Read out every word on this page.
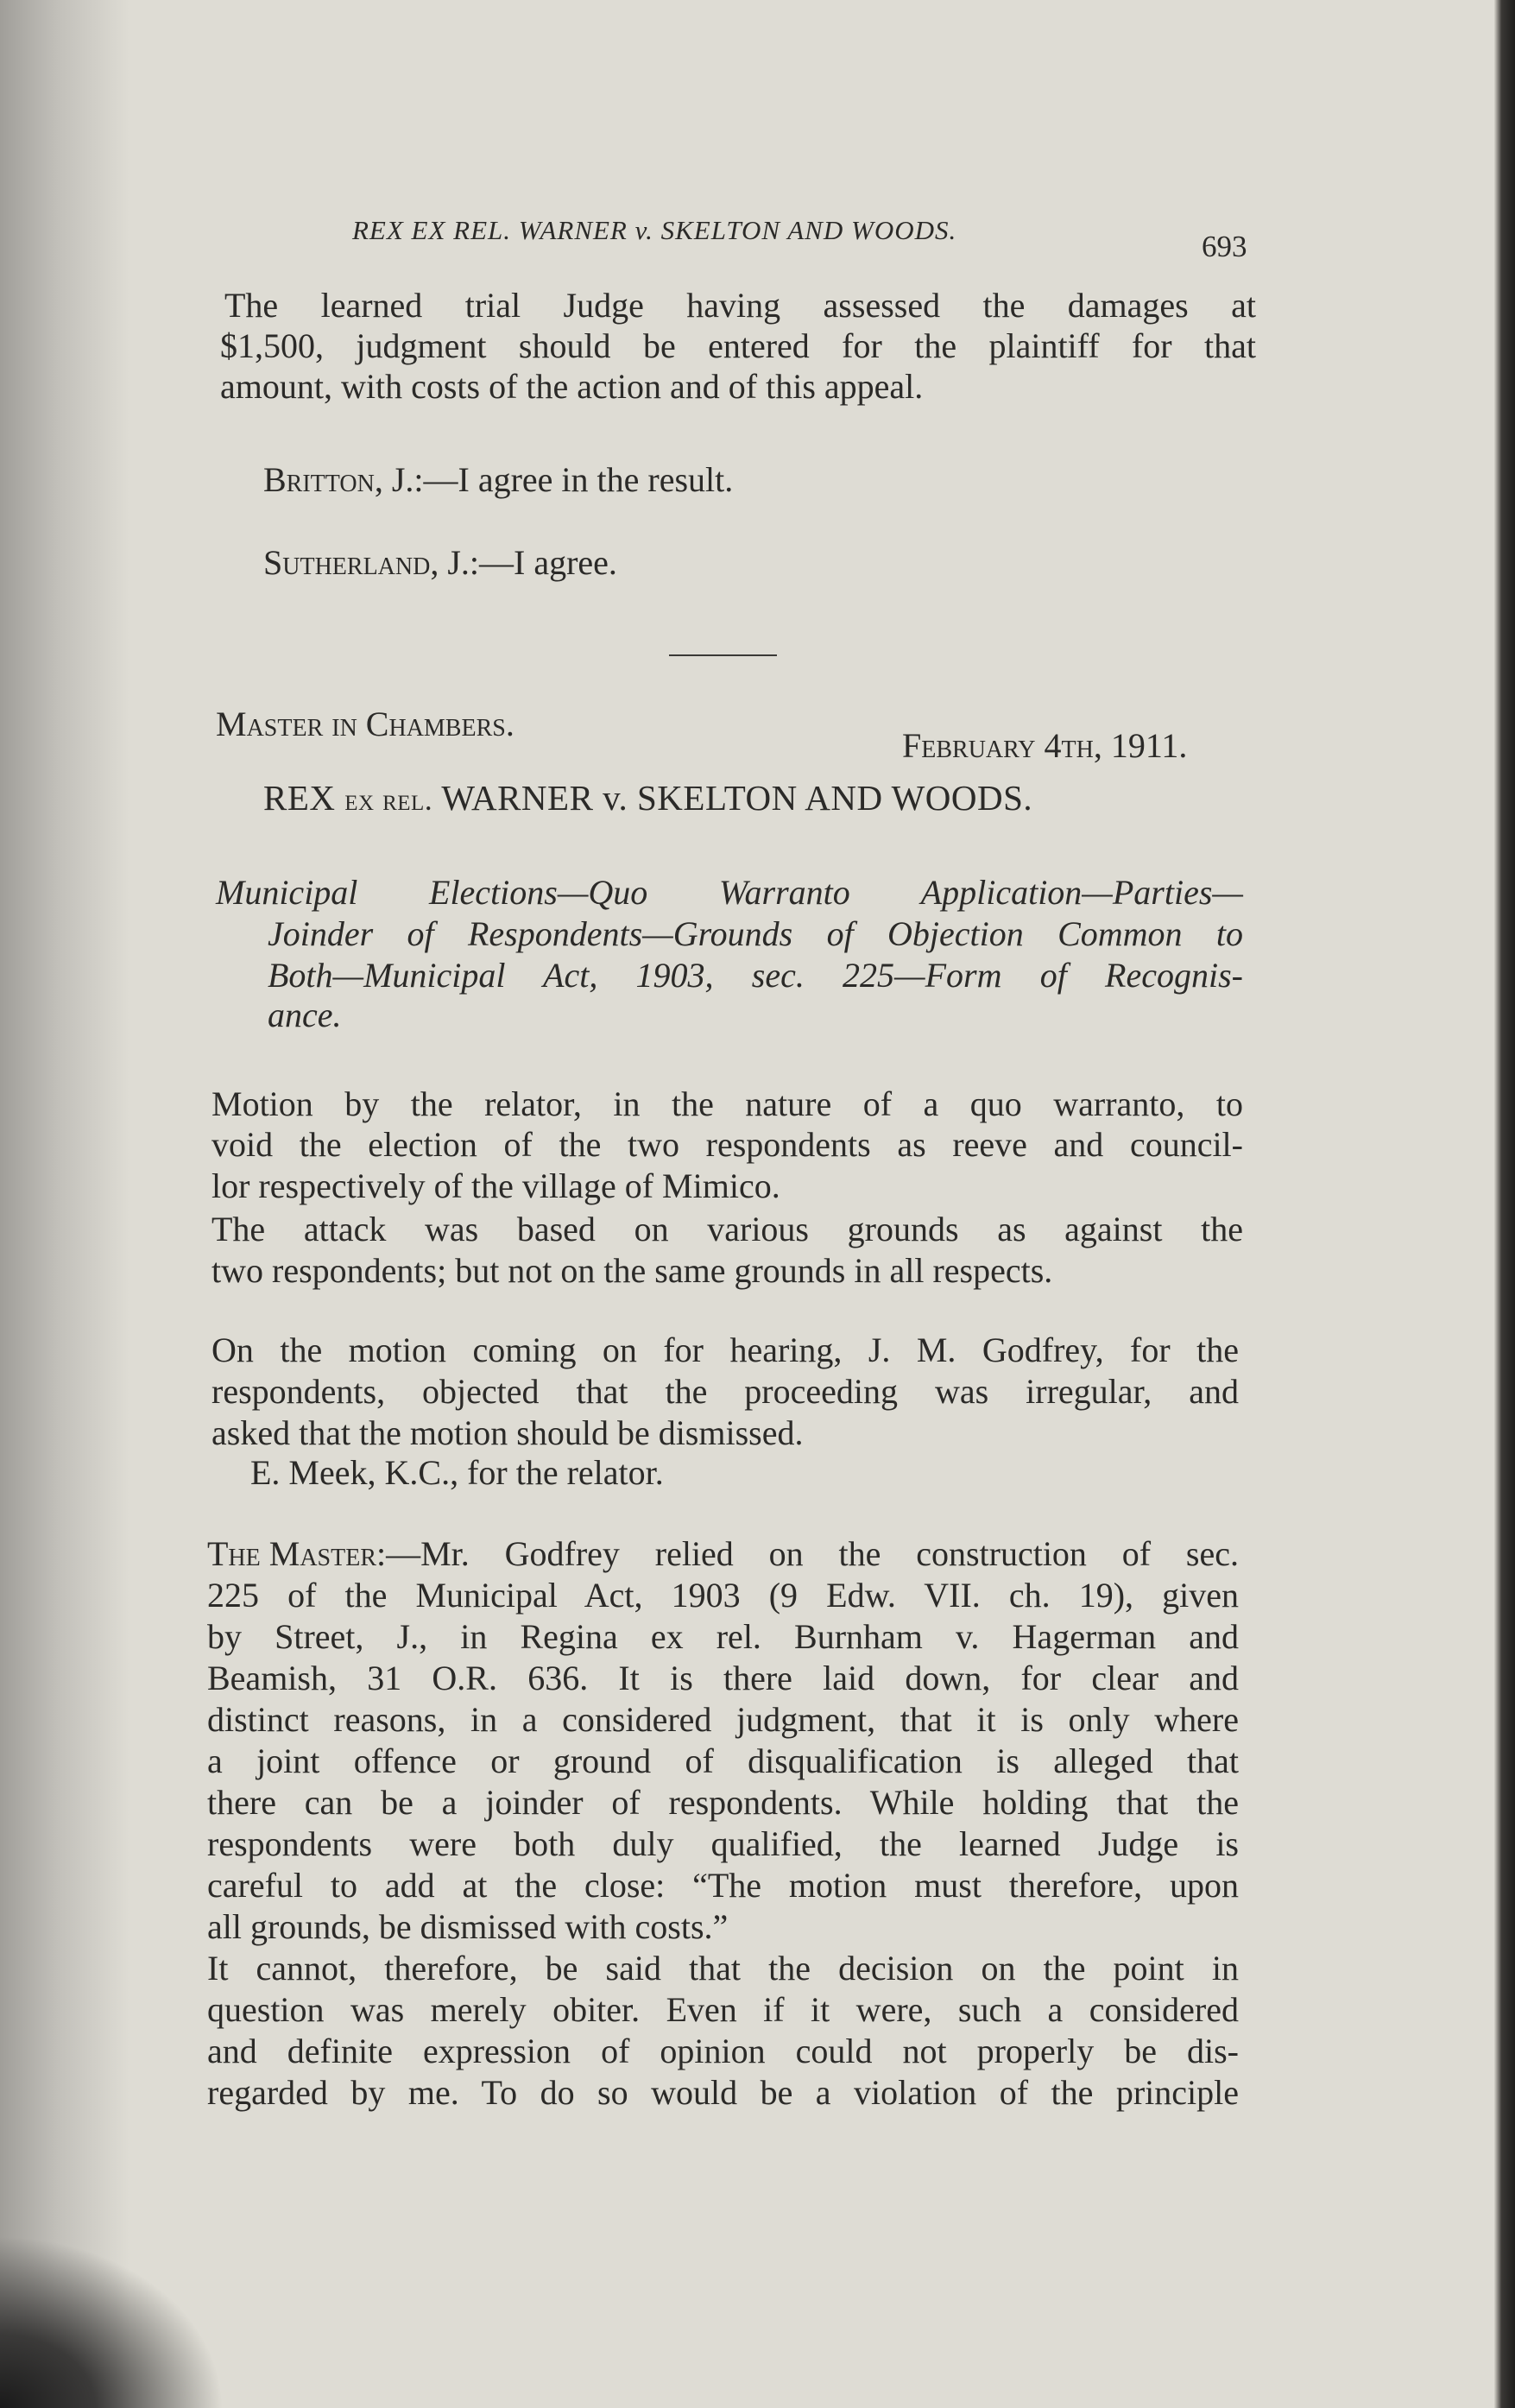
REX EX REL. WARNER v. SKELTON AND WOODS.	693
The learned trial Judge having assessed the damages at
$1,500, judgment should be entered for the plaintiff for that
amount, with costs of the action and of this appeal.
Britton, J.:—I agree in the result.
Sutherland, J.:—I agree.
Master in Chambers.
February 4th, 1911.
REX ex rel. WARNER v. SKELTON AND WOODS.
Municipal Elections—Quo Warranto Application—Parties—
Joinder of Respondents—Grounds of Objection Common to
Both—Municipal Act, 1903, sec. 225—Form of Recognis-
ance.
Motion by the relator, in the nature of a quo warranto, to
void the election of the two respondents as reeve and council-
lor respectively of the village of Mimico.
The attack was based on various grounds as against the
two respondents; but not on the same grounds in all respects.
On the motion coming on for hearing, J. M. Godfrey, for the
respondents, objected that the proceeding was irregular, and
asked that the motion should be dismissed.
E. Meek, K.C., for the relator.
The Master :—Mr. Godfrey relied on the construction of sec.
225 of the Municipal Act, 1903 (9 Edw. VII. ch. 19), given
by Street, J., in Regina ex rel. Burnham v. Hagerman and
Beamish, 31 O.R. 636. It is there laid down, for clear and
distinct reasons, in a considered judgment, that it is only where
a joint offence or ground of disqualification is alleged that
there can be a joinder of respondents. While holding that the
respondents were both duly qualified, the learned Judge is
careful to add at the close: “The motion must therefore, upon
all grounds, be dismissed with costs.”
It cannot, therefore, be said that the decision on the point in
question was merely obiter. Even if it were, such a considered
and definite expression of opinion could not properly be dis-
regarded by me. To do so would be a violation of the principle
